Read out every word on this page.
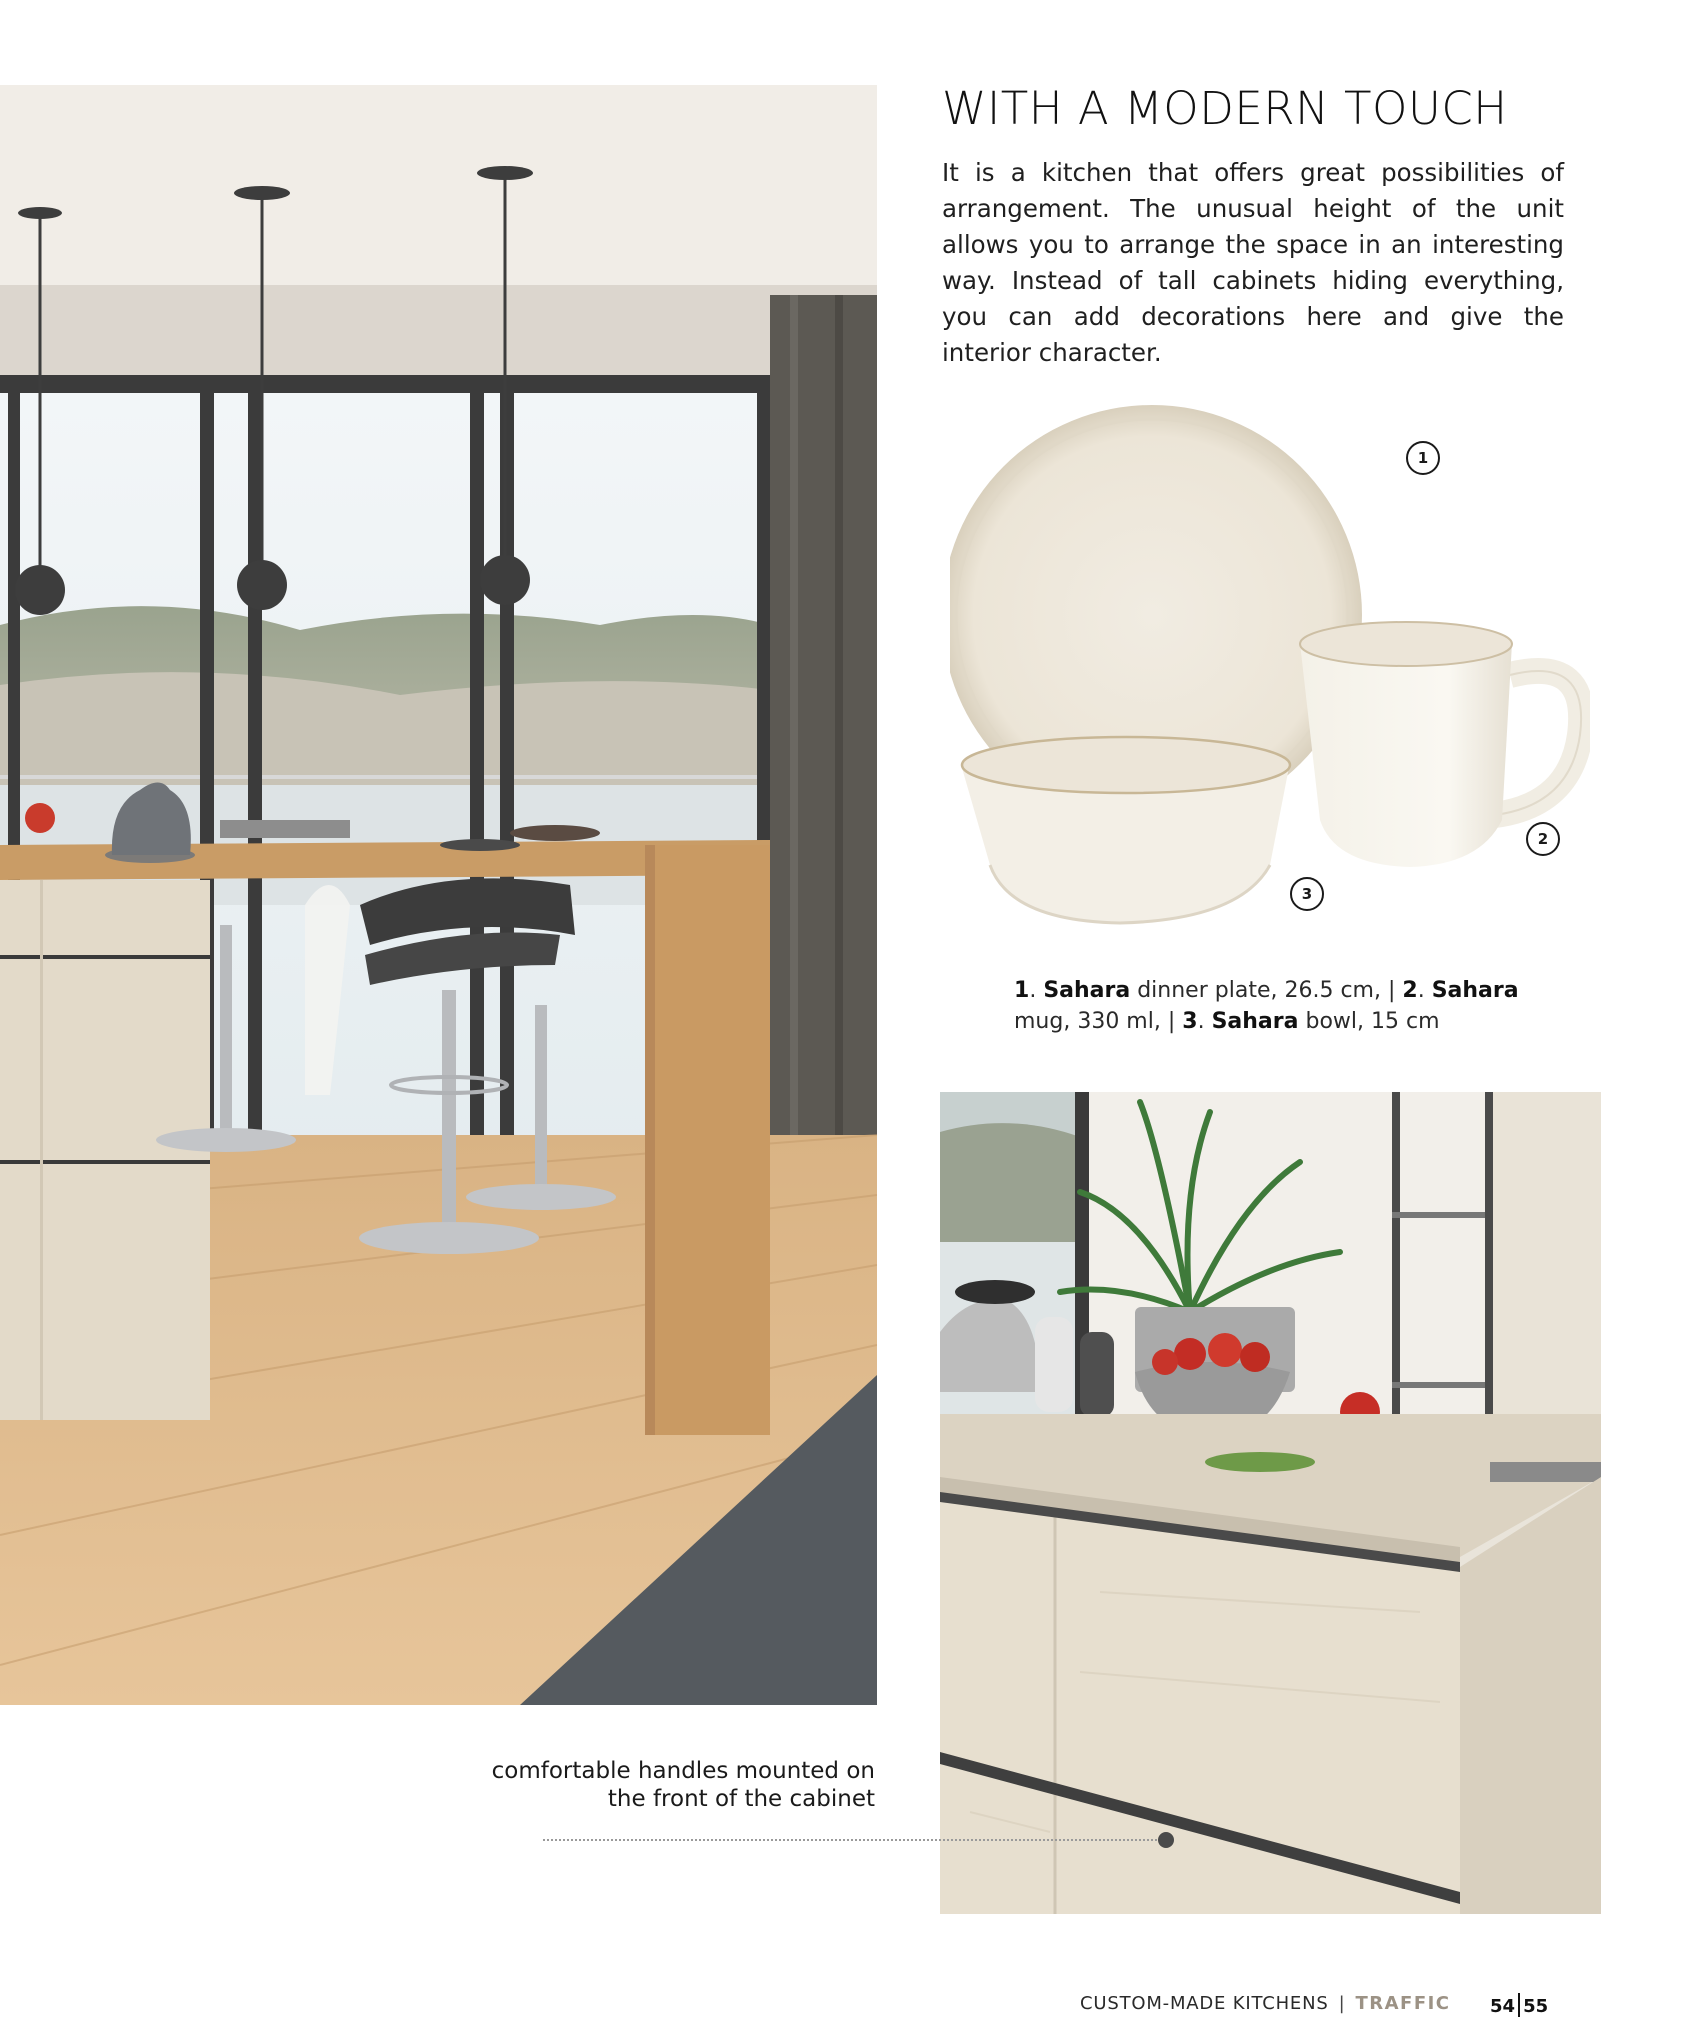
WITH A MODERN TOUCH
It is a kitchen that offers great possibilities of arrangement. The unusual height of the unit allows you to arrange the space in an interesting way. Instead of tall cabinets hiding everything, you can add decorations here and give the interior character.
1
2
3
1. Sahara dinner plate, 26.5 cm, | 2. Sahara mug, 330 ml, | 3. Sahara bowl, 15 cm
comfortable handles mounted on
the front of the cabinet
CUSTOM-MADE KITCHENS | TRAFFIC 54 55
